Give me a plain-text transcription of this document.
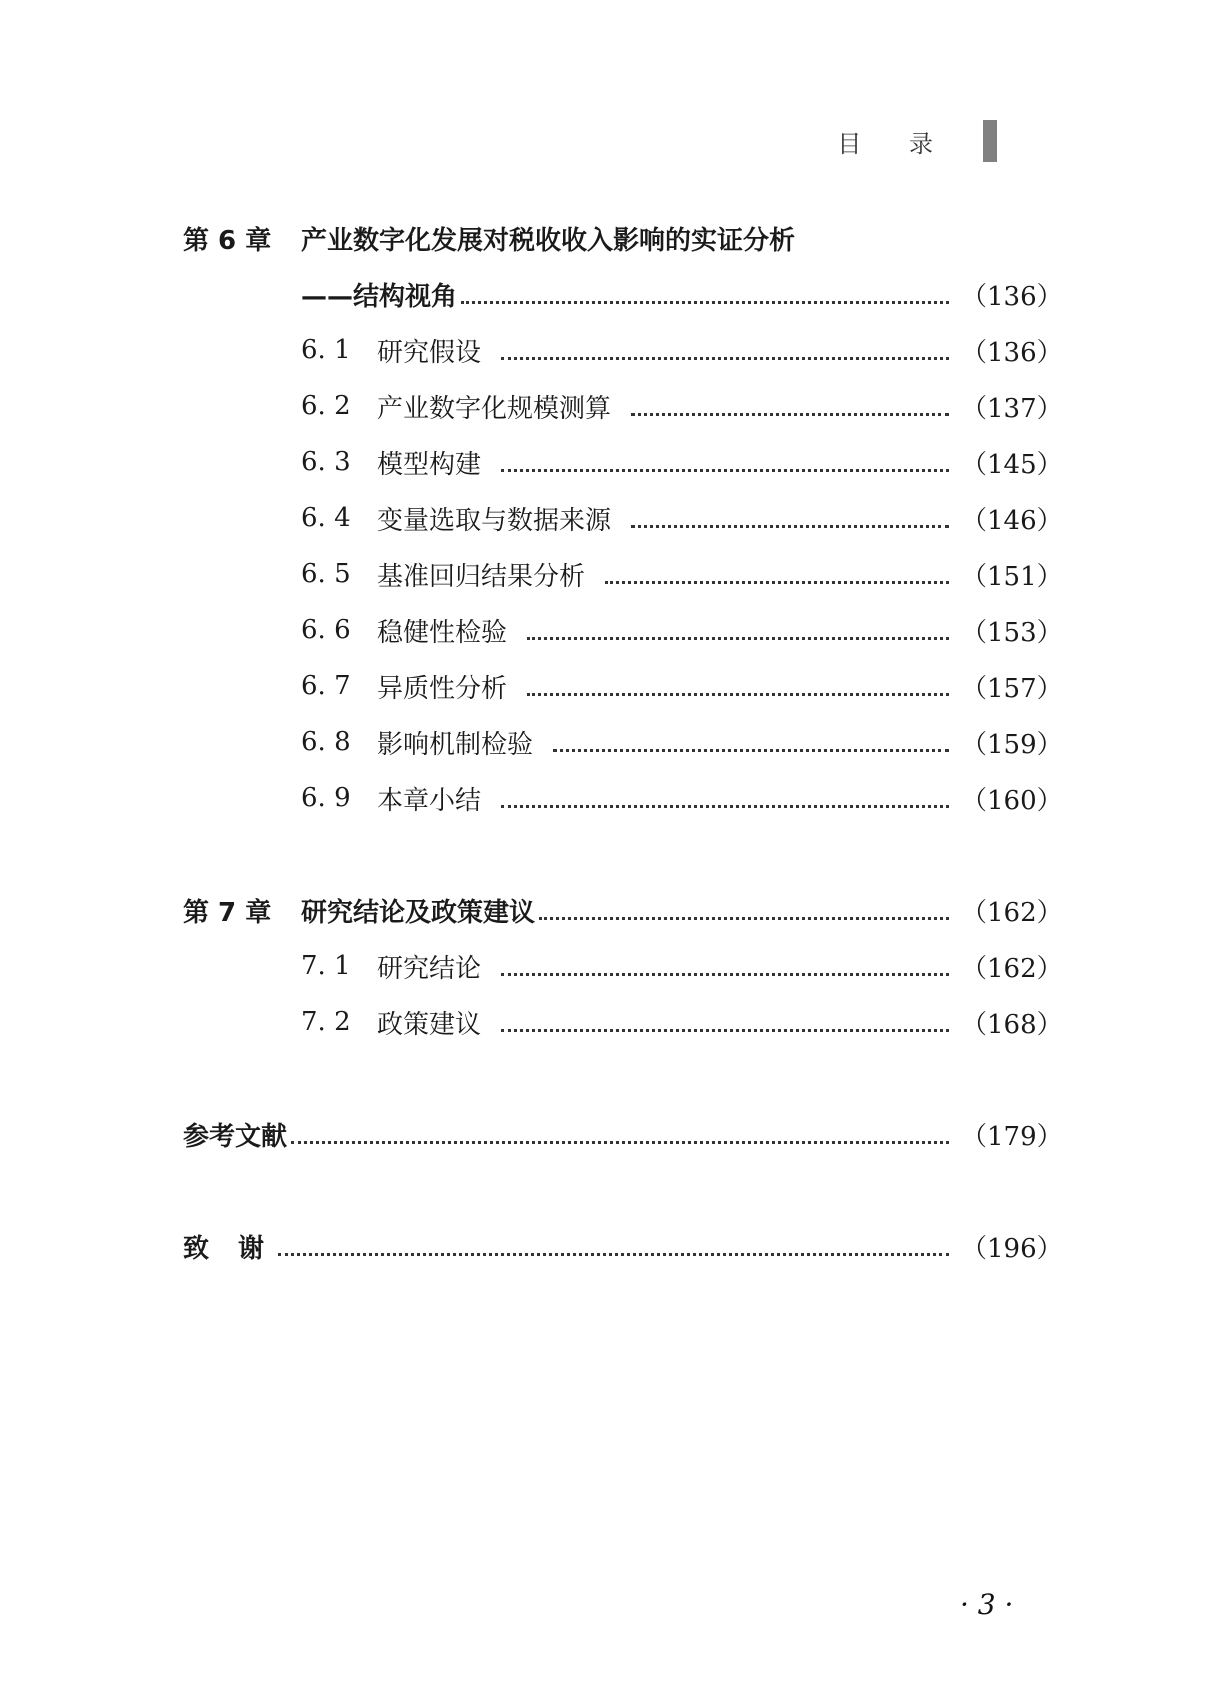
目 录
第 6 章	产业数字化发展对税收收入影响的实证分析
——结构视角	（136）
6. 1	研究假设	（136）
6. 2	产业数字化规模测算	（137）
6. 3	模型构建	（145）
6. 4	变量选取与数据来源	（146）
6. 5	基准回归结果分析	（151）
6. 6	稳健性检验	（153）
6. 7	异质性分析	（157）
6. 8	影响机制检验	（159）
6. 9	本章小结	（160）
第 7 章	研究结论及政策建议	（162）
7. 1	研究结论	（162）
7. 2	政策建议	（168）
参考文献	（179）
致 谢	（196）
· 3 ·
